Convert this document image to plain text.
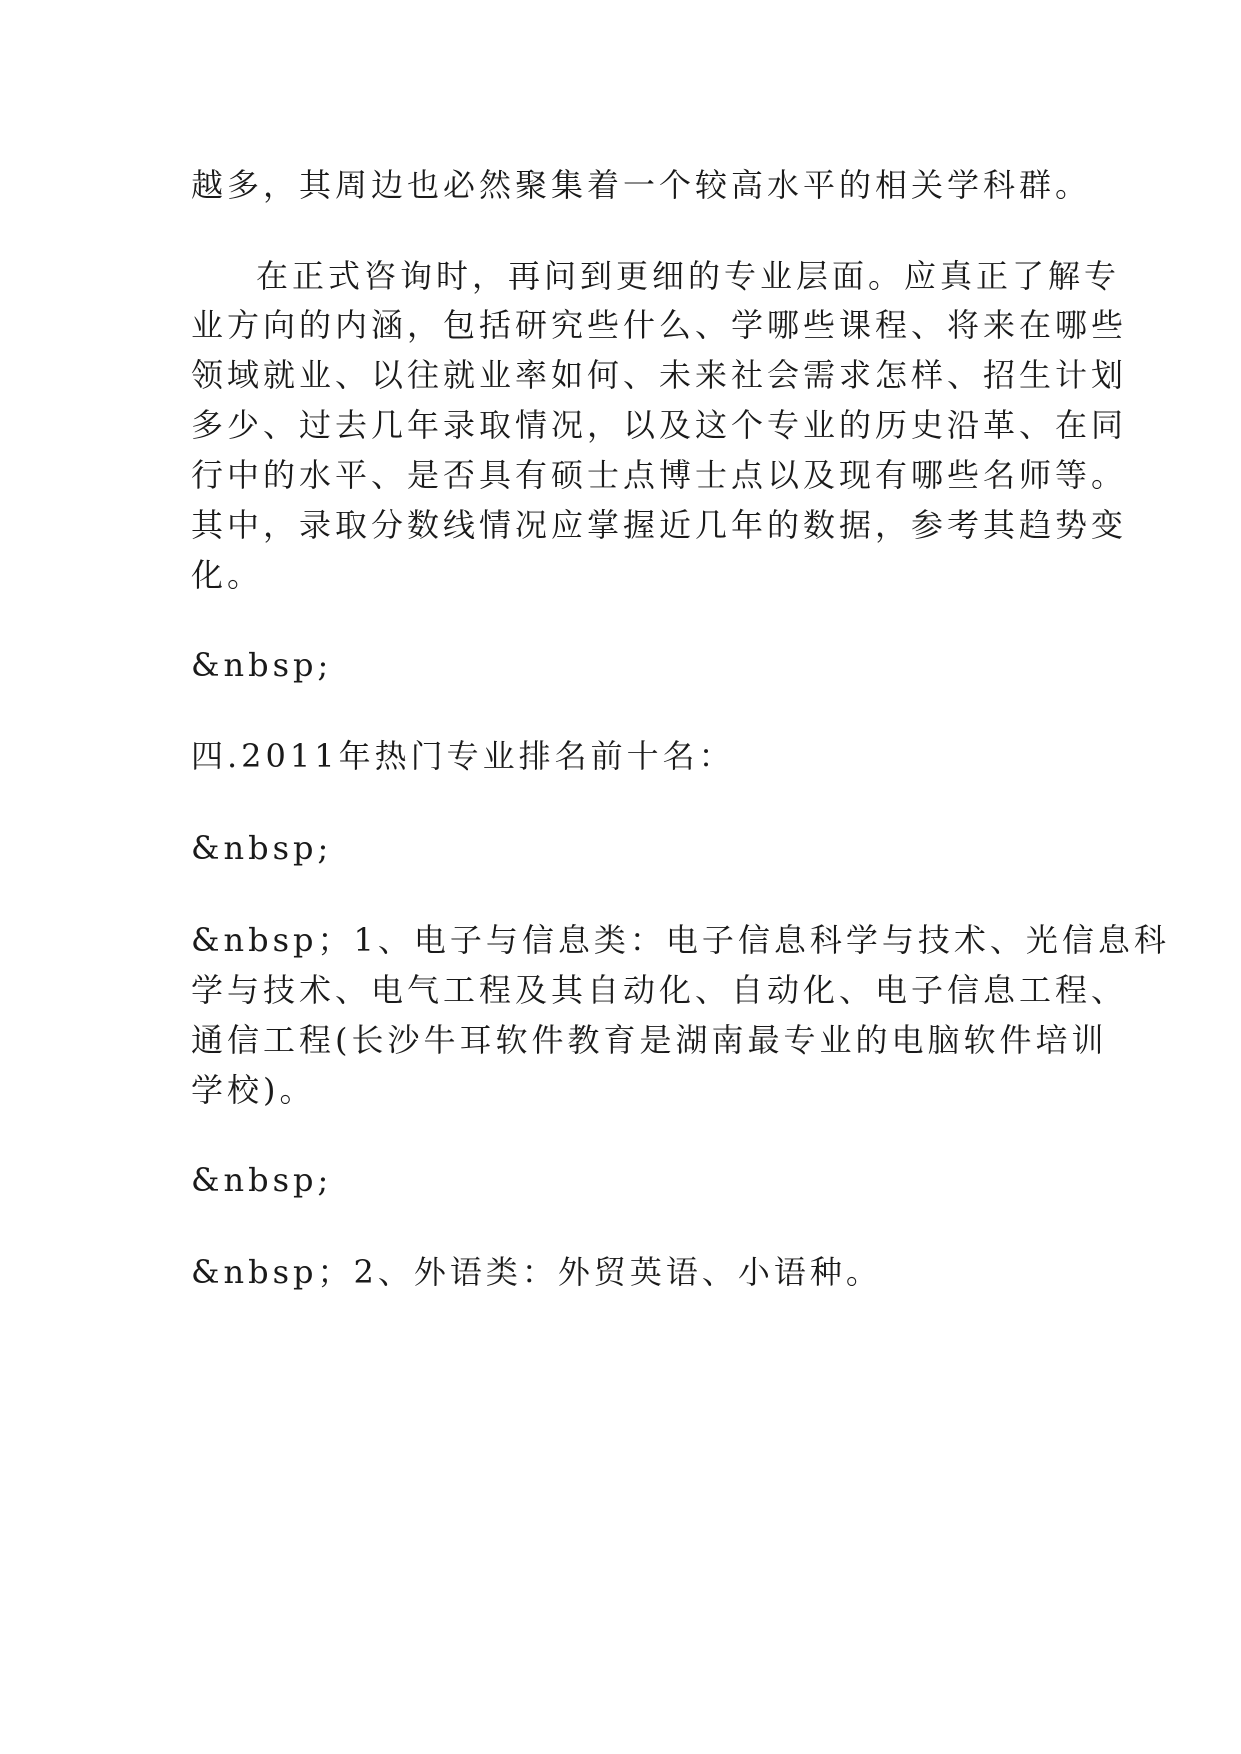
越多，其周边也必然聚集着一个较高水平的相关学科群。
在正式咨询时，再问到更细的专业层面。应真正了解专
业方向的内涵，包括研究些什么、学哪些课程、将来在哪些
领域就业、以往就业率如何、未来社会需求怎样、招生计划
多少、过去几年录取情况，以及这个专业的历史沿革、在同
行中的水平、是否具有硕士点博士点以及现有哪些名师等。
其中，录取分数线情况应掌握近几年的数据，参考其趋势变
化。
&nbsp;
四.2011年热门专业排名前十名：
&nbsp;
&nbsp；1、电子与信息类：电子信息科学与技术、光信息科
学与技术、电气工程及其自动化、自动化、电子信息工程、
通信工程(长沙牛耳软件教育是湖南最专业的电脑软件培训
学校)。
&nbsp;
&nbsp；2、外语类：外贸英语、小语种。
